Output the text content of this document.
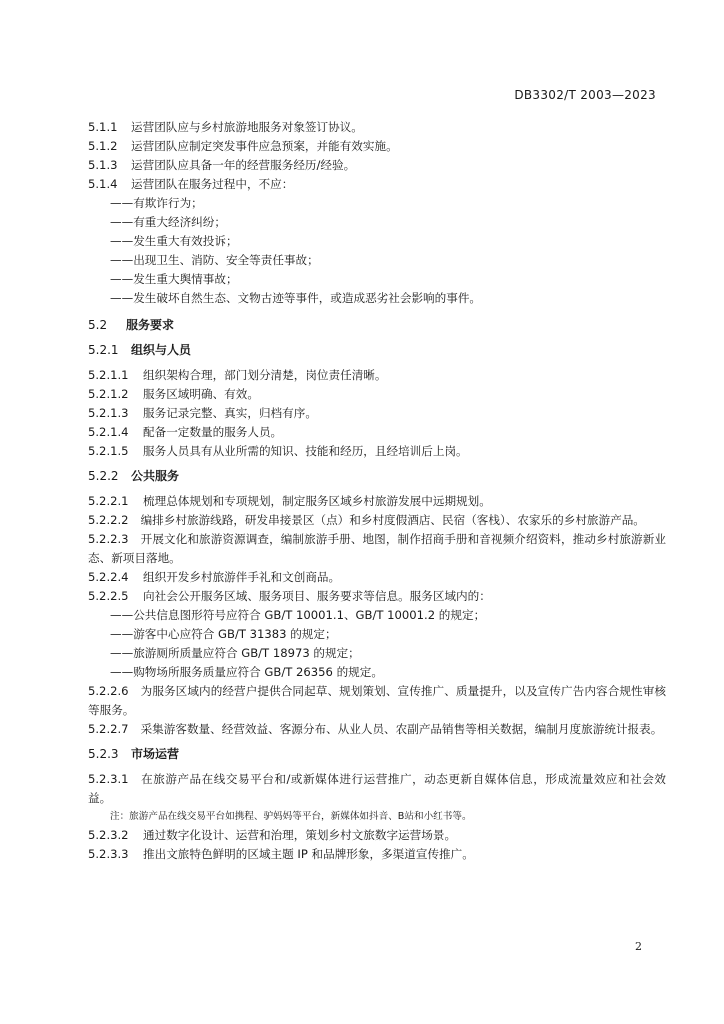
DB3302/T 2003—2023
5.1.1	运营团队应与乡村旅游地服务对象签订协议。
5.1.2	运营团队应制定突发事件应急预案，并能有效实施。
5.1.3	运营团队应具备一年的经营服务经历/经验。
5.1.4	运营团队在服务过程中，不应：
——有欺诈行为；
——有重大经济纠纷；
——发生重大有效投诉；
——出现卫生、消防、安全等责任事故；
——发生重大舆情事故；
——发生破坏自然生态、文物古迹等事件，或造成恶劣社会影响的事件。
5.2 服务要求
5.2.1 组织与人员
5.2.1.1	组织架构合理，部门划分清楚，岗位责任清晰。
5.2.1.2	服务区域明确、有效。
5.2.1.3	服务记录完整、真实，归档有序。
5.2.1.4	配备一定数量的服务人员。
5.2.1.5	服务人员具有从业所需的知识、技能和经历，且经培训后上岗。
5.2.2 公共服务
5.2.2.1	梳理总体规划和专项规划，制定服务区域乡村旅游发展中远期规划。
5.2.2.2 编排乡村旅游线路，研发串接景区（点）和乡村度假酒店、民宿（客栈）、农家乐的乡村旅游产品。
5.2.2.3 开展文化和旅游资源调查，编制旅游手册、地图，制作招商手册和音视频介绍资料，推动乡村旅游新业态、新项目落地。
5.2.2.4	组织开发乡村旅游伴手礼和文创商品。
5.2.2.5	向社会公开服务区域、服务项目、服务要求等信息。服务区域内的：
——公共信息图形符号应符合 GB/T 10001.1、GB/T 10001.2 的规定；
——游客中心应符合 GB/T 31383 的规定；
——旅游厕所质量应符合 GB/T 18973 的规定；
——购物场所服务质量应符合 GB/T 26356 的规定。
5.2.2.6 为服务区域内的经营户提供合同起草、规划策划、宣传推广、质量提升，以及宣传广告内容合规性审核等服务。
5.2.2.7 采集游客数量、经营效益、客源分布、从业人员、农副产品销售等相关数据，编制月度旅游统计报表。
5.2.3 市场运营
5.2.3.1 在旅游产品在线交易平台和/或新媒体进行运营推广，动态更新自媒体信息，形成流量效应和社会效益。
注：旅游产品在线交易平台如携程、驴妈妈等平台，新媒体如抖音、B站和小红书等。
5.2.3.2	通过数字化设计、运营和治理，策划乡村文旅数字运营场景。
5.2.3.3	推出文旅特色鲜明的区域主题 IP 和品牌形象，多渠道宣传推广。
2
